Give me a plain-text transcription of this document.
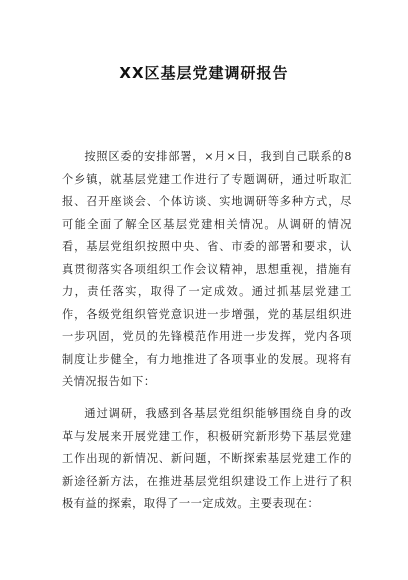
XX区基层党建调研报告

按照区委的安排部署，×月×日，我到自己联系的8个乡镇，就基层党建工作进行了专题调研，通过听取汇报、召开座谈会、个体访谈、实地调研等多种方式，尽可能全面了解全区基层党建相关情况。从调研的情况看，基层党组织按照中央、省、市委的部署和要求，认真贯彻落实各项组织工作会议精神，思想重视，措施有力，责任落实，取得了一定成效。通过抓基层党建工作，各级党组织管党意识进一步增强，党的基层组织进一步巩固，党员的先锋模范作用进一步发挥，党内各项制度让步健全，有力地推进了各项事业的发展。现将有关情况报告如下：

通过调研，我感到各基层党组织能够围绕自身的改革与发展来开展党建工作，积极研究新形势下基层党建工作出现的新情况、新问题，不断探索基层党建工作的新途径新方法，在推进基层党组织建设工作上进行了积极有益的探索，取得了一一定成效。主要表现在：
